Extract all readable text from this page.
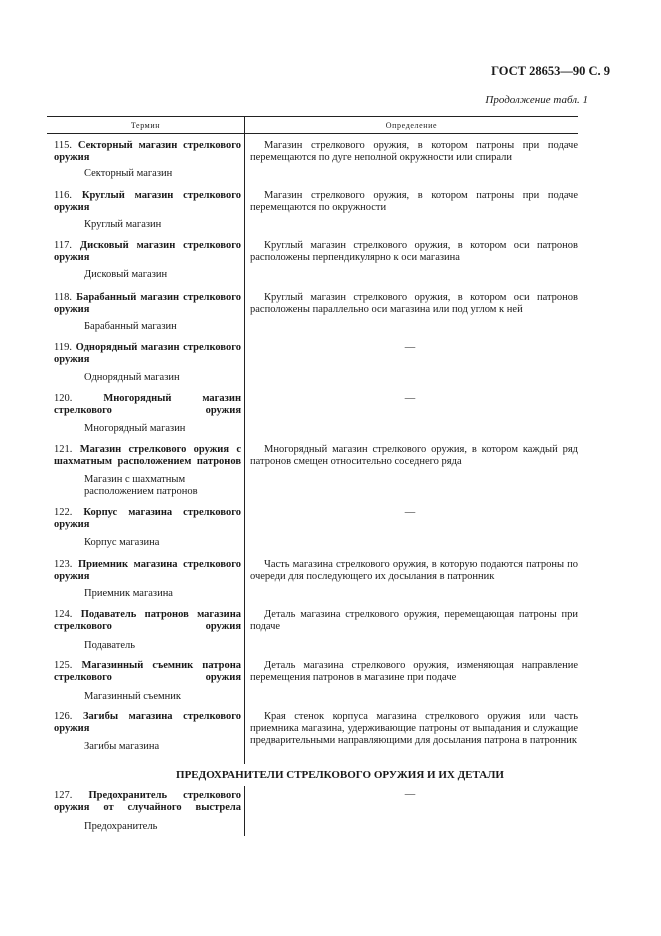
ГОСТ 28653—90 С. 9
Продолжение табл. 1
Термин	Определение
115. Секторный магазин стрелкового оружия
Секторный магазин
Магазин стрелкового оружия, в котором патроны при подаче перемещаются по дуге неполной окружности или спирали
116. Круглый магазин стрелкового оружия
Круглый магазин
Магазин стрелкового оружия, в котором патроны при подаче перемещаются по окружности
117. Дисковый магазин стрелкового оружия
Дисковый магазин
Круглый магазин стрелкового оружия, в котором оси патронов расположены перпендикулярно к оси магазина
118. Барабанный магазин стрелкового оружия
Барабанный магазин
Круглый магазин стрелкового оружия, в котором оси патронов расположены параллельно оси магазина или под углом к ней
119. Однорядный магазин стрелкового оружия
Однорядный магазин
—
120.	Многорядный магазин стрелкового оружия
Многорядный магазин
—
121. Магазин стрелкового оружия с шахматным расположением патронов
Магазин с шахматным расположением патронов
Многорядный магазин стрелкового оружия, в котором каждый ряд патронов смещен относительно соседнего ряда
122. Корпус магазина стрелкового оружия
Корпус магазина
—
123. Приемник магазина стрелкового оружия
Приемник магазина
Часть магазина стрелкового оружия, в которую подаются патроны по очереди для последующего их досылания в патронник
124. Подаватель патронов магазина стрелкового оружия
Подаватель
Деталь магазина стрелкового оружия, перемещающая патроны при подаче
125. Магазинный съемник патрона стрелкового оружия
Магазинный съемник
Деталь магазина стрелкового оружия, изменяющая направление перемещения патронов в магазине при подаче
126. Загибы магазина стрелкового оружия
Загибы магазина
Края стенок корпуса магазина стрелкового оружия или часть приемника магазина, удерживающие патроны от выпадания и служащие предварительными направляющими для досылания патрона в патронник
ПРЕДОХРАНИТЕЛИ СТРЕЛКОВОГО ОРУЖИЯ И ИХ ДЕТАЛИ
127. Предохранитель стрелкового оружия от случайного выстрела
Предохранитель
—
